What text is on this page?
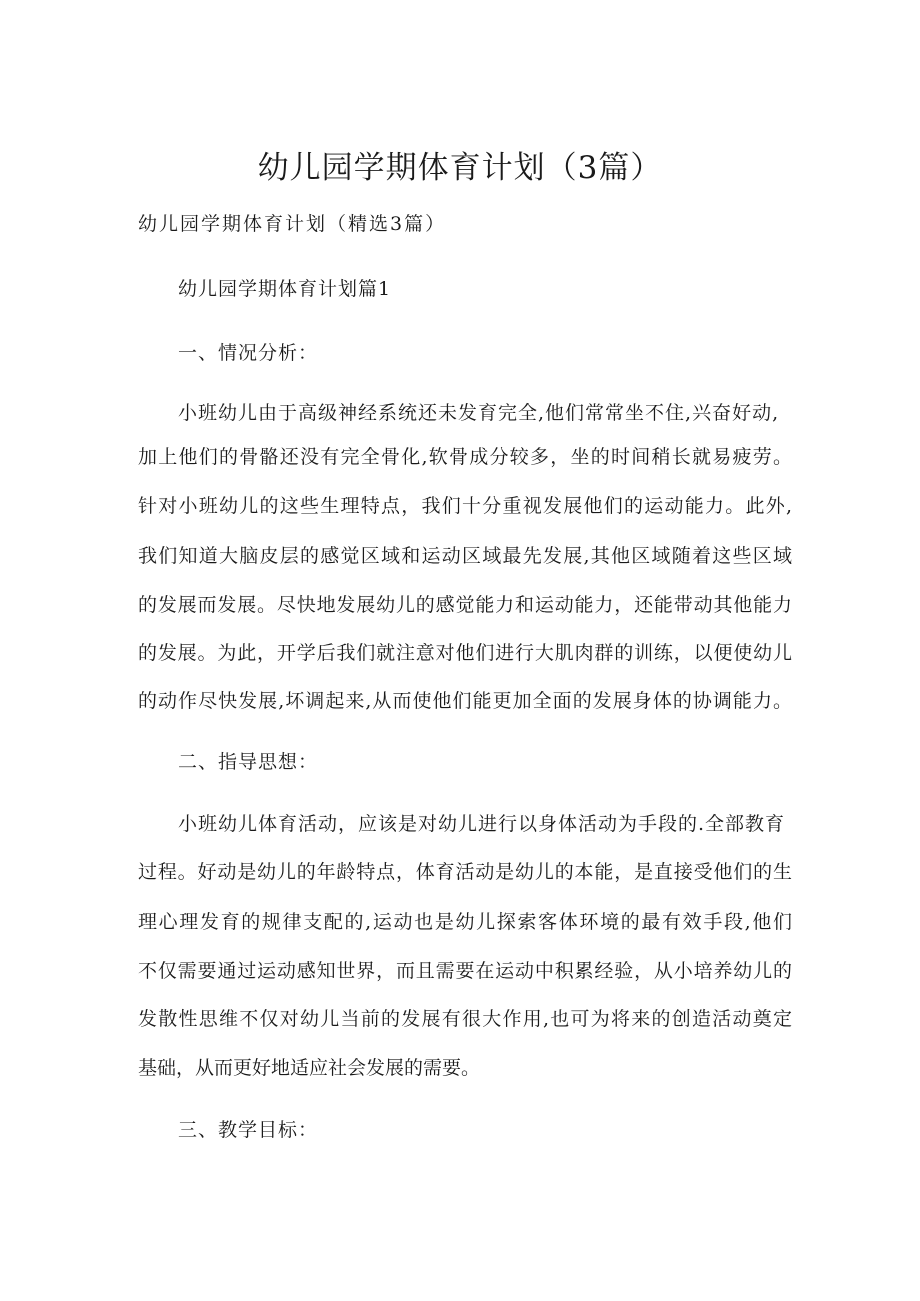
幼儿园学期体育计划（3篇）
幼儿园学期体育计划（精选3篇）
幼儿园学期体育计划篇1
一、情况分析：
小班幼儿由于高级神经系统还未发育完全,他们常常坐不住,兴奋好动,
加上他们的骨骼还没有完全骨化,软骨成分较多，坐的时间稍长就易疲劳。
针对小班幼儿的这些生理特点，我们十分重视发展他们的运动能力。此外,
我们知道大脑皮层的感觉区域和运动区域最先发展,其他区域随着这些区域
的发展而发展。尽快地发展幼儿的感觉能力和运动能力，还能带动其他能力
的发展。为此，开学后我们就注意对他们进行大肌肉群的训练，以便使幼儿
的动作尽快发展,坏调起来,从而使他们能更加全面的发展身体的协调能力。
二、指导思想：
小班幼儿体育活动，应该是对幼儿进行以身体活动为手段的.全部教育
过程。好动是幼儿的年龄特点，体育活动是幼儿的本能，是直接受他们的生
理心理发育的规律支配的,运动也是幼儿探索客体环境的最有效手段,他们
不仅需要通过运动感知世界，而且需要在运动中积累经验，从小培养幼儿的
发散性思维不仅对幼儿当前的发展有很大作用,也可为将来的创造活动奠定
基础，从而更好地适应社会发展的需要。
三、教学目标：
